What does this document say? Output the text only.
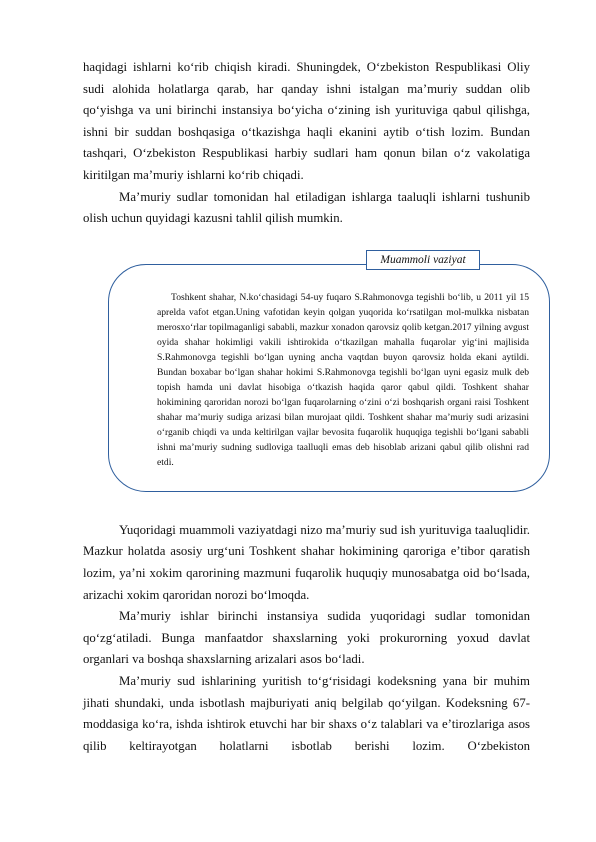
haqidagi ishlarni ko‘rib chiqish kiradi. Shuningdek, O‘zbekiston Respublikasi Oliy sudi alohida holatlarga qarab, har qanday ishni istalgan ma’muriy suddan olib qo‘yishga va uni birinchi instansiya bo‘yicha o‘zining ish yurituviga qabul qilishga, ishni bir suddan boshqasiga o‘tkazishga haqli ekanini aytib o‘tish lozim. Bundan tashqari, O‘zbekiston Respublikasi harbiy sudlari ham qonun bilan o‘z vakolatiga kiritilgan ma’muriy ishlarni ko‘rib chiqadi.

Ma’muriy sudlar tomonidan hal etiladigan ishlarga taaluqli ishlarni tushunib olish uchun quyidagi kazusni tahlil qilish mumkin.

Toshkent shahar, N.ko‘chasidagi 54-uy fuqaro S.Rahmonovga tegishli bo‘lib, u 2011 yil 15 aprelda vafot etgan.Uning vafotidan keyin qolgan yuqorida ko‘rsatilgan mol-mulkka nisbatan merosxo‘rlar topilmaganligi sababli, mazkur xonadon qarovsiz qolib ketgan.2017 yilning avgust oyida shahar hokimligi vakili ishtirokida o‘tkazilgan mahalla fuqarolar yig‘ini majlisida S.Rahmonovga tegishli bo‘lgan uyning ancha vaqtdan buyon qarovsiz holda ekani aytildi. Bundan boxabar bo‘lgan shahar hokimi S.Rahmonovga tegishli bo‘lgan uyni egasiz mulk deb topish hamda uni davlat hisobiga o‘tkazish haqida qaror qabul qildi. Toshkent shahar hokimining qaroridan norozi bo‘lgan fuqarolarning o‘zini o‘zi boshqarish organi raisi Toshkent shahar ma’muriy sudiga arizasi bilan murojaat qildi. Toshkent shahar ma’muriy sudi arizasini o‘rganib chiqdi va unda keltirilgan vajlar bevosita fuqarolik huquqiga tegishli bo‘lgani sababli ishni ma’muriy sudning sudloviga taalluqli emas deb hisoblab arizani qabul qilib olishni rad etdi.

Muammoli vaziyat

Yuqoridagi muammoli vaziyatdagi nizo ma’muriy sud ish yurituviga taaluqlidir. Mazkur holatda asosiy urg‘uni Toshkent shahar hokimining qaroriga e’tibor qaratish lozim, ya’ni xokim qarorining mazmuni fuqarolik huquqiy munosabatga oid bo‘lsada, arizachi xokim qaroridan norozi bo‘lmoqda.

Ma’muriy ishlar birinchi instansiya sudida yuqoridagi sudlar tomonidan qo‘zg‘atiladi. Bunga manfaatdor shaxslarning yoki prokurorning yoxud davlat organlari va boshqa shaxslarning arizalari asos bo‘ladi.

Ma’muriy sud ishlarining yuritish to‘g‘risidagi kodeksning yana bir muhim jihati shundaki, unda isbotlash majburiyati aniq belgilab qo‘yilgan. Kodeksning 67-moddasiga ko‘ra, ishda ishtirok etuvchi har bir shaxs o‘z talablari va e’tirozlariga asos qilib keltirayotgan holatlarni isbotlab berishi lozim. O‘zbekiston
